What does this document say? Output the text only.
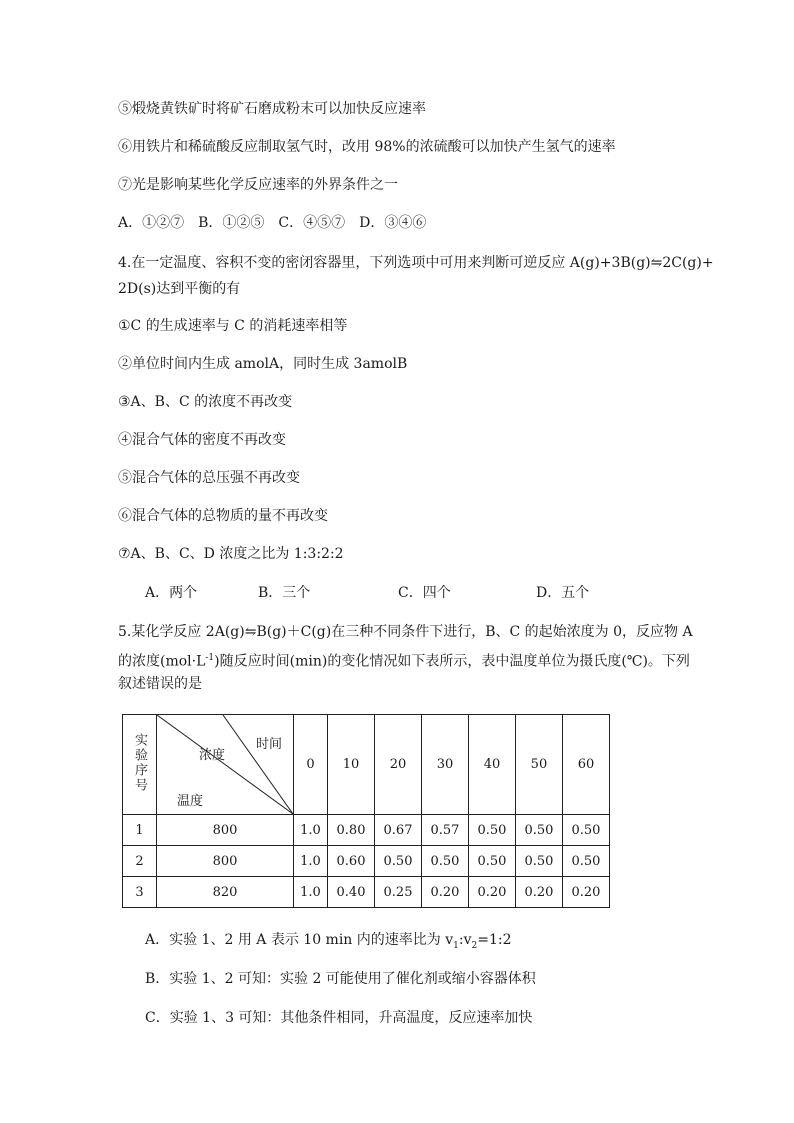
⑤煅烧黄铁矿时将矿石磨成粉末可以加快反应速率
⑥用铁片和稀硫酸反应制取氢气时，改用 98%的浓硫酸可以加快产生氢气的速率
⑦光是影响某些化学反应速率的外界条件之一
A．①②⑦　B．①②⑤　C．④⑤⑦　D．③④⑥
4.在一定温度、容积不变的密闭容器里，下列选项中可用来判断可逆反应 A(g)+3B(g)⇋2C(g)+
2D(s)达到平衡的有
①C 的生成速率与 C 的消耗速率相等
②单位时间内生成 amolA，同时生成 3amolB
③A、B、C 的浓度不再改变
④混合气体的密度不再改变
⑤混合气体的总压强不再改变
⑥混合气体的总物质的量不再改变
⑦A、B、C、D 浓度之比为 1:3:2:2
A．两个	B．三个	C．四个	D．五个
5.某化学反应 2A(g)⇋B(g)＋C(g)在三种不同条件下进行，B、C 的起始浓度为 0，反应物 A
的浓度$(mol\cdot L^{-1})$随反应时间(min)的变化情况如下表所示，表中温度单位为摄氏度(℃)。下列
叙述错误的是
实验序号	时间
浓度
温度	0	10	20	30	40	50	60
1	800	1.0	0.80	0.67	0.57	0.50	0.50	0.50
2	800	1.0	0.60	0.50	0.50	0.50	0.50	0.50
3	820	1.0	0.40	0.25	0.20	0.20	0.20	0.20
A．实验 1、2 用 A 表示 10 min 内的速率比为 $v_1:v_2=1:2$
B．实验 1、2 可知：实验 2 可能使用了催化剂或缩小容器体积
C．实验 1、3 可知：其他条件相同，升高温度，反应速率加快
